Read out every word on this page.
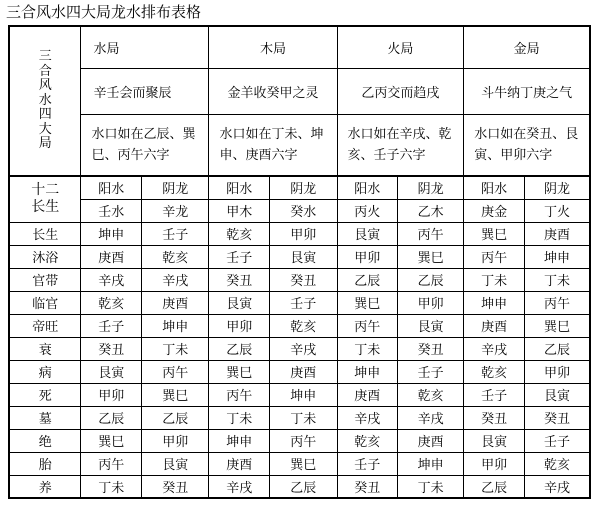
三合风水四大局龙水排布表格
三合风水四大局	水局		木局		火局		金局	
	辛壬会而聚辰		金羊收癸甲之灵		乙丙交而趋戌		斗牛纳丁庚之气	
	水口如在乙辰、巽巳、丙午六字		水口如在丁未、坤申、庚酉六字		水口如在辛戌、乾亥、壬子六字		水口如在癸丑、艮寅、甲卯六字	
十二长生	阳水	阴龙	阳水	阴龙	阳水	阴龙	阳水	阴龙
	壬水	辛龙	甲木	癸水	丙火	乙木	庚金	丁火
长生	坤申	壬子	乾亥	甲卯	艮寅	丙午	巽巳	庚酉
沐浴	庚酉	乾亥	壬子	艮寅	甲卯	巽巳	丙午	坤申
官带	辛戌	辛戌	癸丑	癸丑	乙辰	乙辰	丁未	丁未
临官	乾亥	庚酉	艮寅	壬子	巽巳	甲卯	坤申	丙午
帝旺	壬子	坤申	甲卯	乾亥	丙午	艮寅	庚酉	巽巳
衰	癸丑	丁未	乙辰	辛戌	丁未	癸丑	辛戌	乙辰
病	艮寅	丙午	巽巳	庚酉	坤申	壬子	乾亥	甲卯
死	甲卯	巽巳	丙午	坤申	庚酉	乾亥	壬子	艮寅
墓	乙辰	乙辰	丁未	丁未	辛戌	辛戌	癸丑	癸丑
绝	巽巳	甲卯	坤申	丙午	乾亥	庚酉	艮寅	壬子
胎	丙午	艮寅	庚酉	巽巳	壬子	坤申	甲卯	乾亥
养	丁未	癸丑	辛戌	乙辰	癸丑	丁未	乙辰	辛戌
